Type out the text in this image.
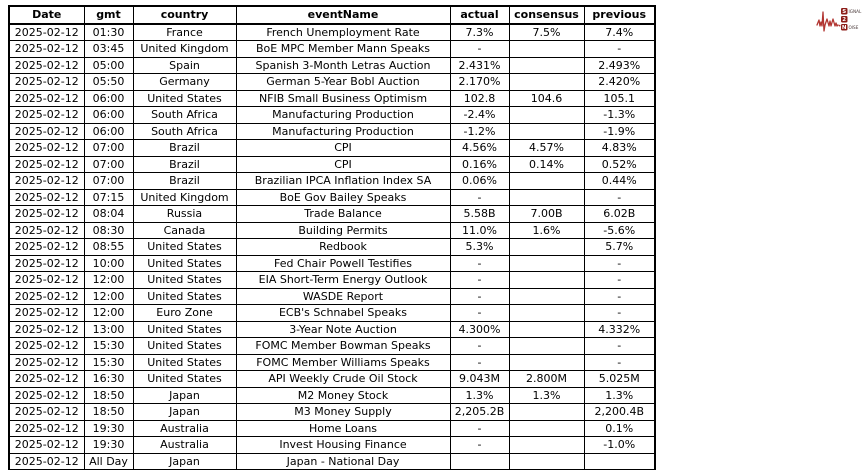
Date	gmt	country	eventName	actual	consensus	previous
2025-02-12	01:30	France	French Unemployment Rate	7.3%	7.5%	7.4%
2025-02-12	03:45	United Kingdom	BoE MPC Member Mann Speaks	-		-
2025-02-12	05:00	Spain	Spanish 3-Month Letras Auction	2.431%		2.493%
2025-02-12	05:50	Germany	German 5-Year Bobl Auction	2.170%		2.420%
2025-02-12	06:00	United States	NFIB Small Business Optimism	102.8	104.6	105.1
2025-02-12	06:00	South Africa	Manufacturing Production	-2.4%		-1.3%
2025-02-12	06:00	South Africa	Manufacturing Production	-1.2%		-1.9%
2025-02-12	07:00	Brazil	CPI	4.56%	4.57%	4.83%
2025-02-12	07:00	Brazil	CPI	0.16%	0.14%	0.52%
2025-02-12	07:00	Brazil	Brazilian IPCA Inflation Index SA	0.06%		0.44%
2025-02-12	07:15	United Kingdom	BoE Gov Bailey Speaks	-		-
2025-02-12	08:04	Russia	Trade Balance	5.58B	7.00B	6.02B
2025-02-12	08:30	Canada	Building Permits	11.0%	1.6%	-5.6%
2025-02-12	08:55	United States	Redbook	5.3%		5.7%
2025-02-12	10:00	United States	Fed Chair Powell Testifies	-		-
2025-02-12	12:00	United States	EIA Short-Term Energy Outlook	-		-
2025-02-12	12:00	United States	WASDE Report	-		-
2025-02-12	12:00	Euro Zone	ECB's Schnabel Speaks	-		-
2025-02-12	13:00	United States	3-Year Note Auction	4.300%		4.332%
2025-02-12	15:30	United States	FOMC Member Bowman Speaks	-		-
2025-02-12	15:30	United States	FOMC Member Williams Speaks	-		-
2025-02-12	16:30	United States	API Weekly Crude Oil Stock	9.043M	2.800M	5.025M
2025-02-12	18:50	Japan	M2 Money Stock	1.3%	1.3%	1.3%
2025-02-12	18:50	Japan	M3 Money Supply	2,205.2B		2,200.4B
2025-02-12	19:30	Australia	Home Loans	-		0.1%
2025-02-12	19:30	Australia	Invest Housing Finance	-		-1.0%
2025-02-12	All Day	Japan	Japan - National Day			
S IGNAL
2
N OISE
